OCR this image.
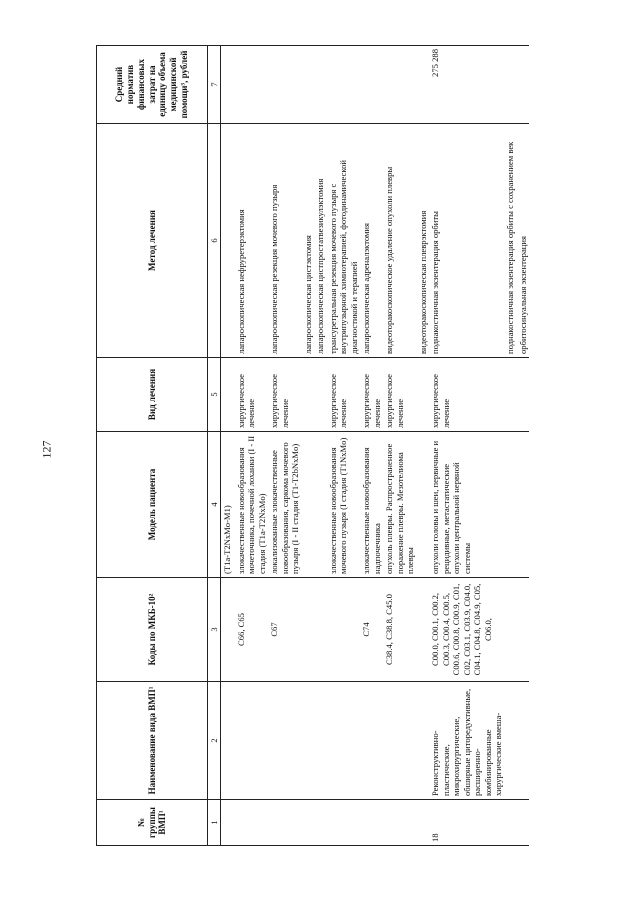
127
№ группы ВМП¹	Наименование вида ВМП¹	Коды по МКБ-10²	Модель пациента	Вид лечения	Метод лечения	Средний норматив финансовых затрат на единицу объема медицинской помощи³, рублей
1	2	3	4	5	6	7
			(T1a-T2NxMo-M1)			
		C66, C65	злокачественные новообразования мочеточника, почечной лоханки (I - II стадия (T1a-T2NxMo)	хирургическое лечение	лапароскопическая нефруретерэктомия	
		C67	локализованные злокачественные новообразования, саркома мочевого пузыря (I - II стадия (T1-T2bNxMo)	хирургическое лечение	лапароскопическая резекция мочевого пузыря	
					лапароскопическая цистэктомия	
					лапароскопическая цистпростатвезикулэктомия	
			злокачественные новообразования мочевого пузыря (I стадия (T1NxMo)	хирургическое лечение	трансуретральная резекция мочевого пузыря с внутрипузырной химиотерапией, фотодинамической диагностикой и терапией	
		C74	злокачественные новообразования надпочечника	хирургическое лечение	лапароскопическая адреналэктомия	
		C38.4, C38.8, C45.0	опухоль плевры. Распространенное поражение плевры. Мезотелиома плевры	хирургическое лечение	видеоторакоскопическое удаление опухоли плевры	
					видеоторакоскопическая плеврэктомия	
18	Реконструктивно-пластические, микрохирургические, обширные циторедуктивные, расширенно-комбинированные хирургические вмеша-	C00.0, C00.1, C00.2, C00.3, C00.4, C00.5, C00.6, C00.8, C00.9, C01, C02, C03.1, C03.9, C04.0, C04.1, C04.8, C04.9, C05, C06.0,	опухоли головы и шеи, первичные и рецидивные, метастатические опухоли центральной нервной системы	хирургическое лечение	поднакостничная экзентерация орбиты	275 288
					поднакостничная экзентерация орбиты с сохранением век	
					орбитосинуальная экзентерация	
